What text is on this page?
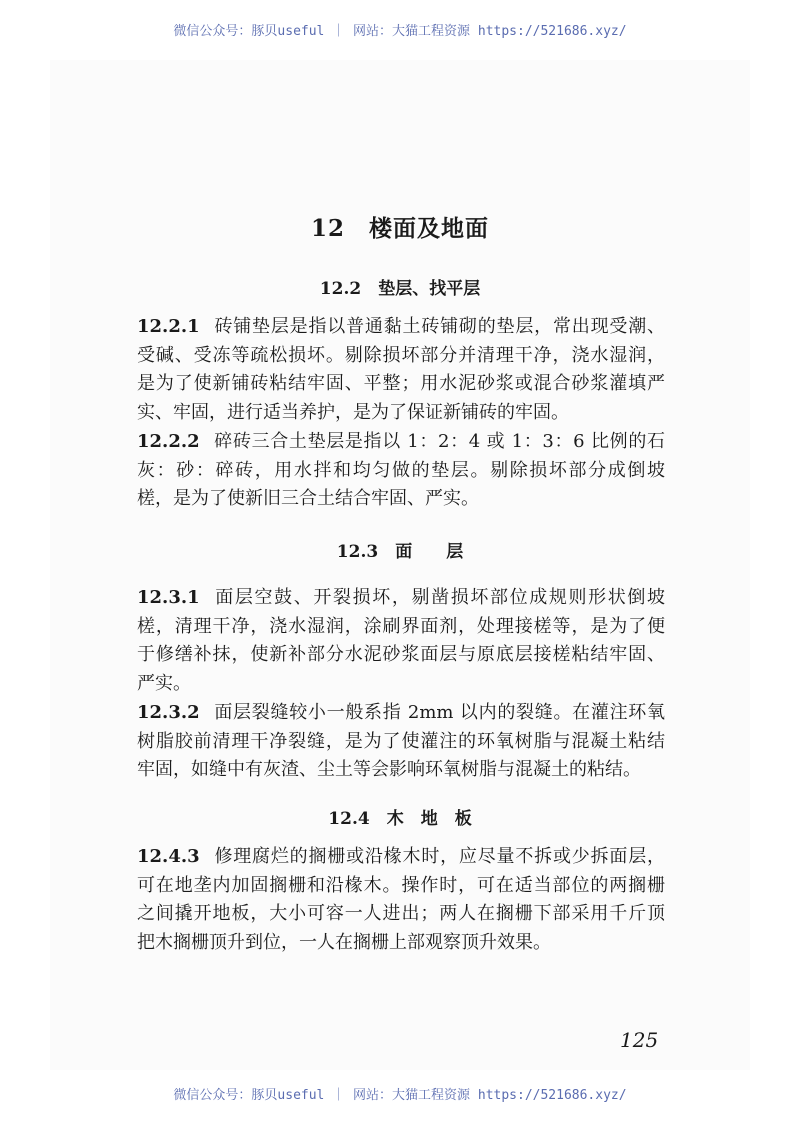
微信公众号：豚贝useful ｜ 网站：大猫工程资源 https://521686.xyz/
12　楼面及地面
12.2　垫层、找平层
12.2.1 砖铺垫层是指以普通黏土砖铺砌的垫层，常出现受潮、
受碱、受冻等疏松损坏。剔除损坏部分并清理干净，浇水湿润，
是为了使新铺砖粘结牢固、平整；用水泥砂浆或混合砂浆灌填严
实、牢固，进行适当养护，是为了保证新铺砖的牢固。
12.2.2 碎砖三合土垫层是指以 1：2：4 或 1：3：6 比例的石
灰：砂：碎砖，用水拌和均匀做的垫层。剔除损坏部分成倒坡
槎，是为了使新旧三合土结合牢固、严实。
12.3　面　　层
12.3.1 面层空鼓、开裂损坏，剔凿损坏部位成规则形状倒坡
槎，清理干净，浇水湿润，涂刷界面剂，处理接槎等，是为了便
于修缮补抹，使新补部分水泥砂浆面层与原底层接槎粘结牢固、
严实。
12.3.2 面层裂缝较小一般系指 2mm 以内的裂缝。在灌注环氧
树脂胶前清理干净裂缝，是为了使灌注的环氧树脂与混凝土粘结
牢固，如缝中有灰渣、尘土等会影响环氧树脂与混凝土的粘结。
12.4　木　地　板
12.4.3 修理腐烂的搁栅或沿椽木时，应尽量不拆或少拆面层，
可在地垄内加固搁栅和沿椽木。操作时，可在适当部位的两搁栅
之间撬开地板，大小可容一人进出；两人在搁栅下部采用千斤顶
把木搁栅顶升到位，一人在搁栅上部观察顶升效果。
125
微信公众号：豚贝useful ｜ 网站：大猫工程资源 https://521686.xyz/
